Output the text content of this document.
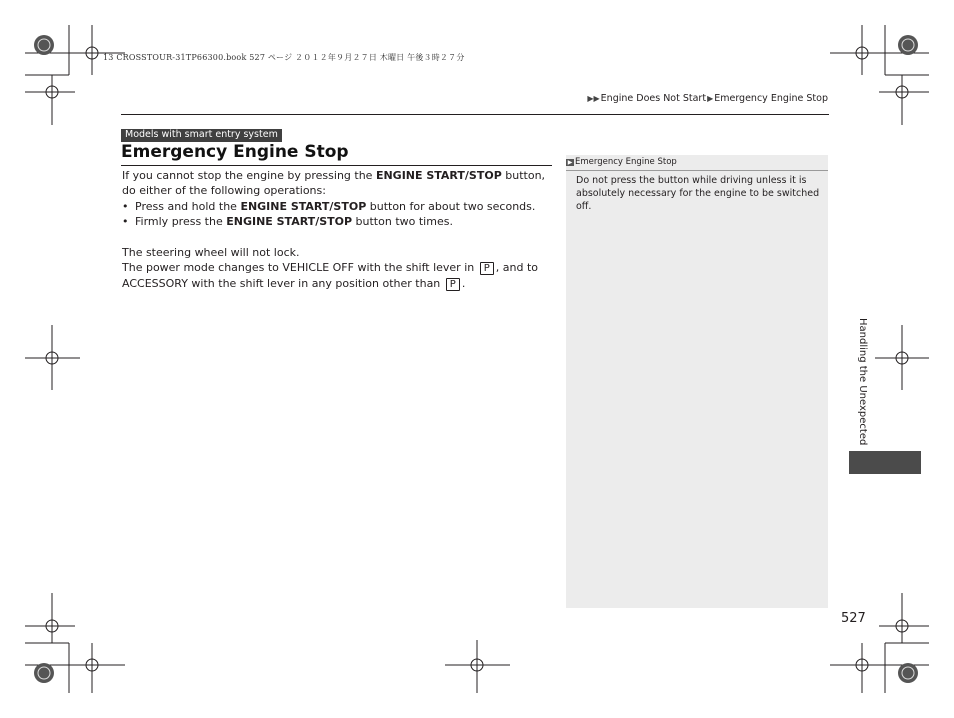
13 CROSSTOUR-31TP66300.book 527 ページ ２０１２年９月２７日 木曜日 午後３時２７分
▶▶Engine Does Not Start▶Emergency Engine Stop
Models with smart entry system
Emergency Engine Stop

If you cannot stop the engine by pressing the ENGINE START/STOP button, do either of the following operations:

• Press and hold the ENGINE START/STOP button for about two seconds.
• Firmly press the ENGINE START/STOP button two times.

The steering wheel will not lock.

The power mode changes to VEHICLE OFF with the shift lever in P , and to ACCESSORY with the shift lever in any position other than P .

▶ Emergency Engine Stop
Do not press the button while driving unless it is absolutely necessary for the engine to be switched off.
Handling the Unexpected
527
